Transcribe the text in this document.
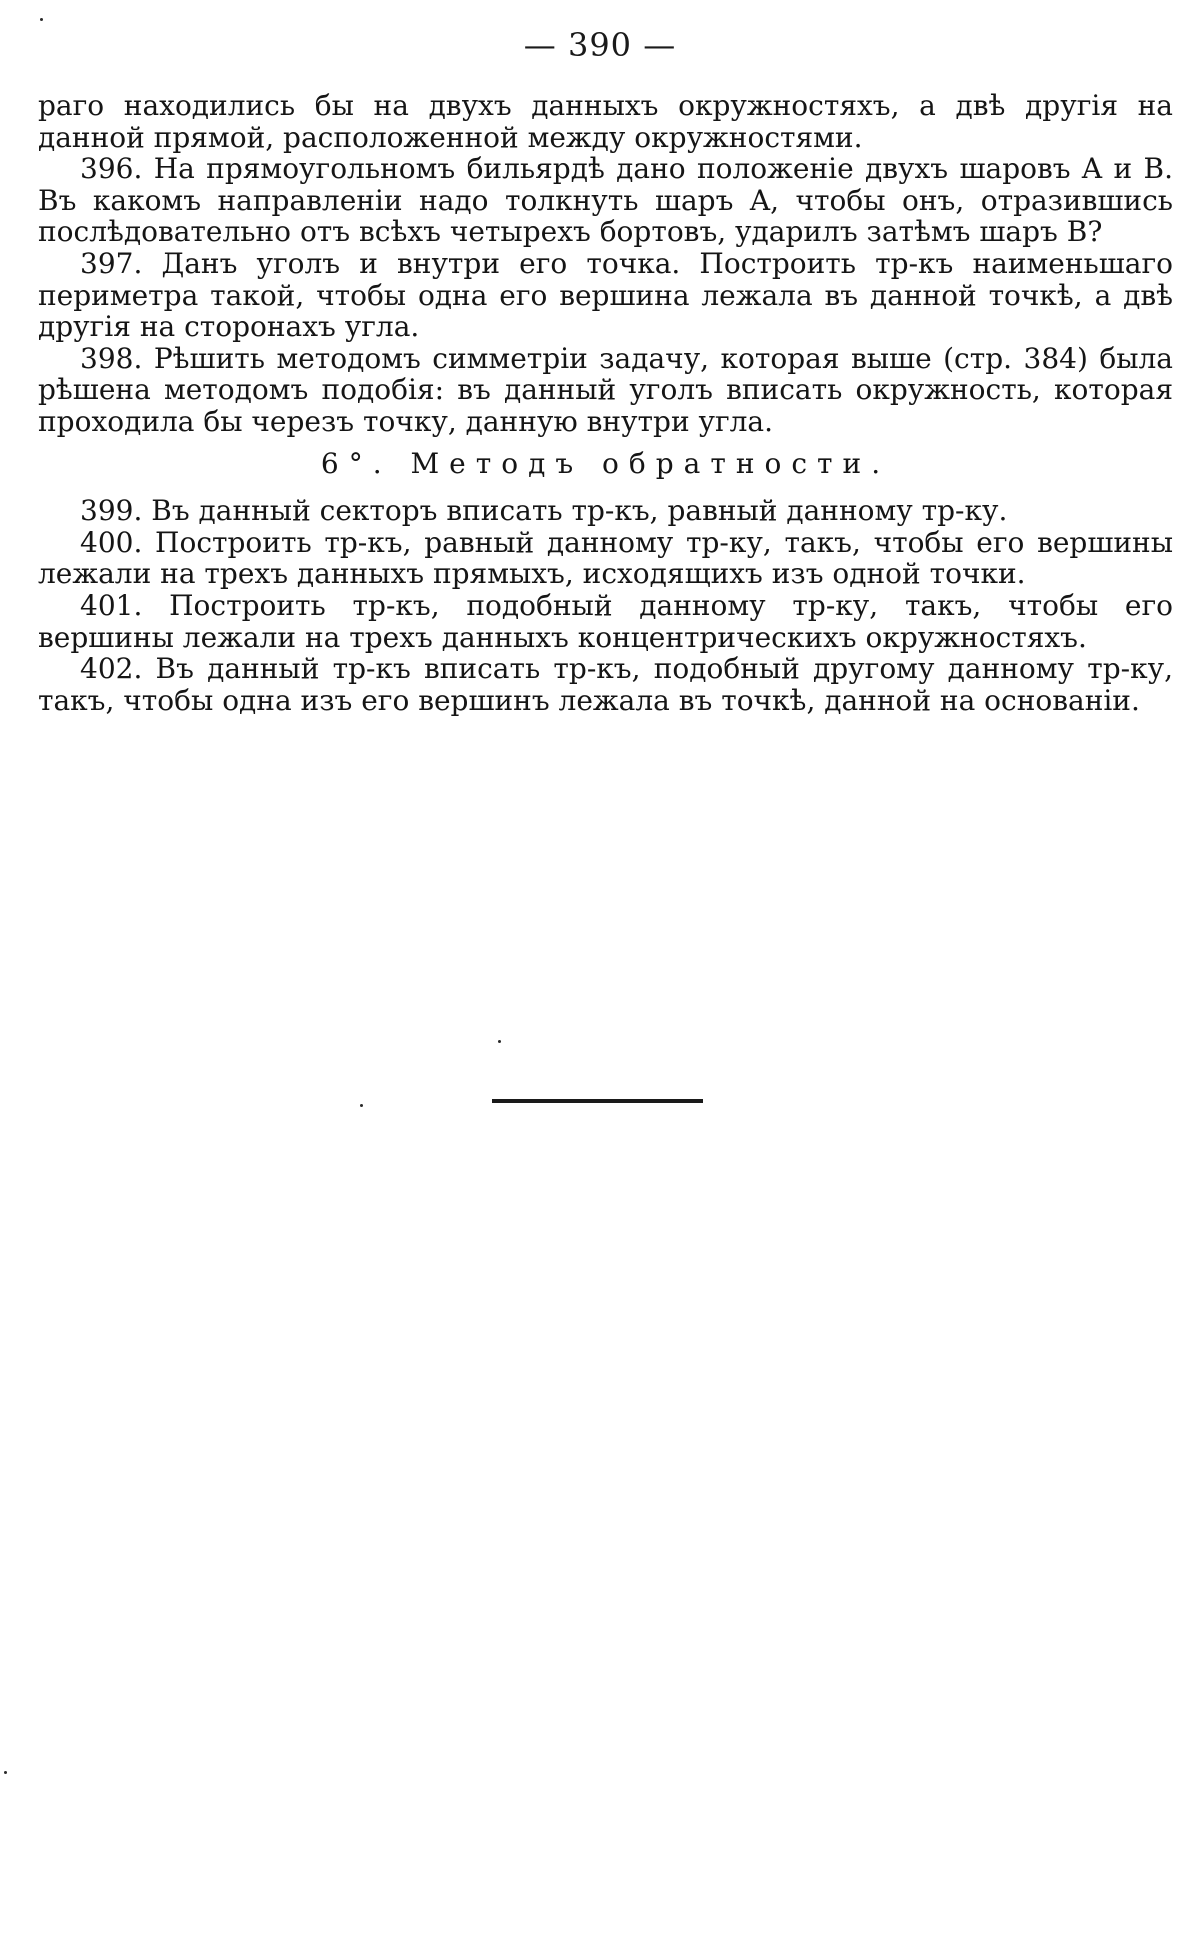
— 390 —

раго находились бы на двухъ данныхъ окружностяхъ, а двѣ другія на данной прямой, расположенной между окружностями.

396. На прямоугольномъ бильярдѣ дано положеніе двухъ шаровъ A и B. Въ какомъ направленіи надо толкнуть шаръ A, чтобы онъ, отразившись послѣдовательно отъ всѣхъ четырехъ бортовъ, ударилъ затѣмъ шаръ B?

397. Данъ уголъ и внутри его точка. Построить тр-къ наименьшаго периметра такой, чтобы одна его вершина лежала въ данной точкѣ, а двѣ другія на сторонахъ угла.

398. Рѣшить методомъ симметріи задачу, которая выше (стр. 384) была рѣшена методомъ подобія: въ данный уголъ вписать окружность, которая проходила бы черезъ точку, данную внутри угла.

6°. Методъ обратности.

399. Въ данный секторъ вписать тр-къ, равный данному тр-ку.

400. Построить тр-къ, равный данному тр-ку, такъ, чтобы его вершины лежали на трехъ данныхъ прямыхъ, исходящихъ изъ одной точки.

401. Построить тр-къ, подобный данному тр-ку, такъ, чтобы его вершины лежали на трехъ данныхъ концентрическихъ окружностяхъ.

402. Въ данный тр-къ вписать тр-къ, подобный другому данному тр-ку, такъ, чтобы одна изъ его вершинъ лежала въ точкѣ, данной на основаніи.
